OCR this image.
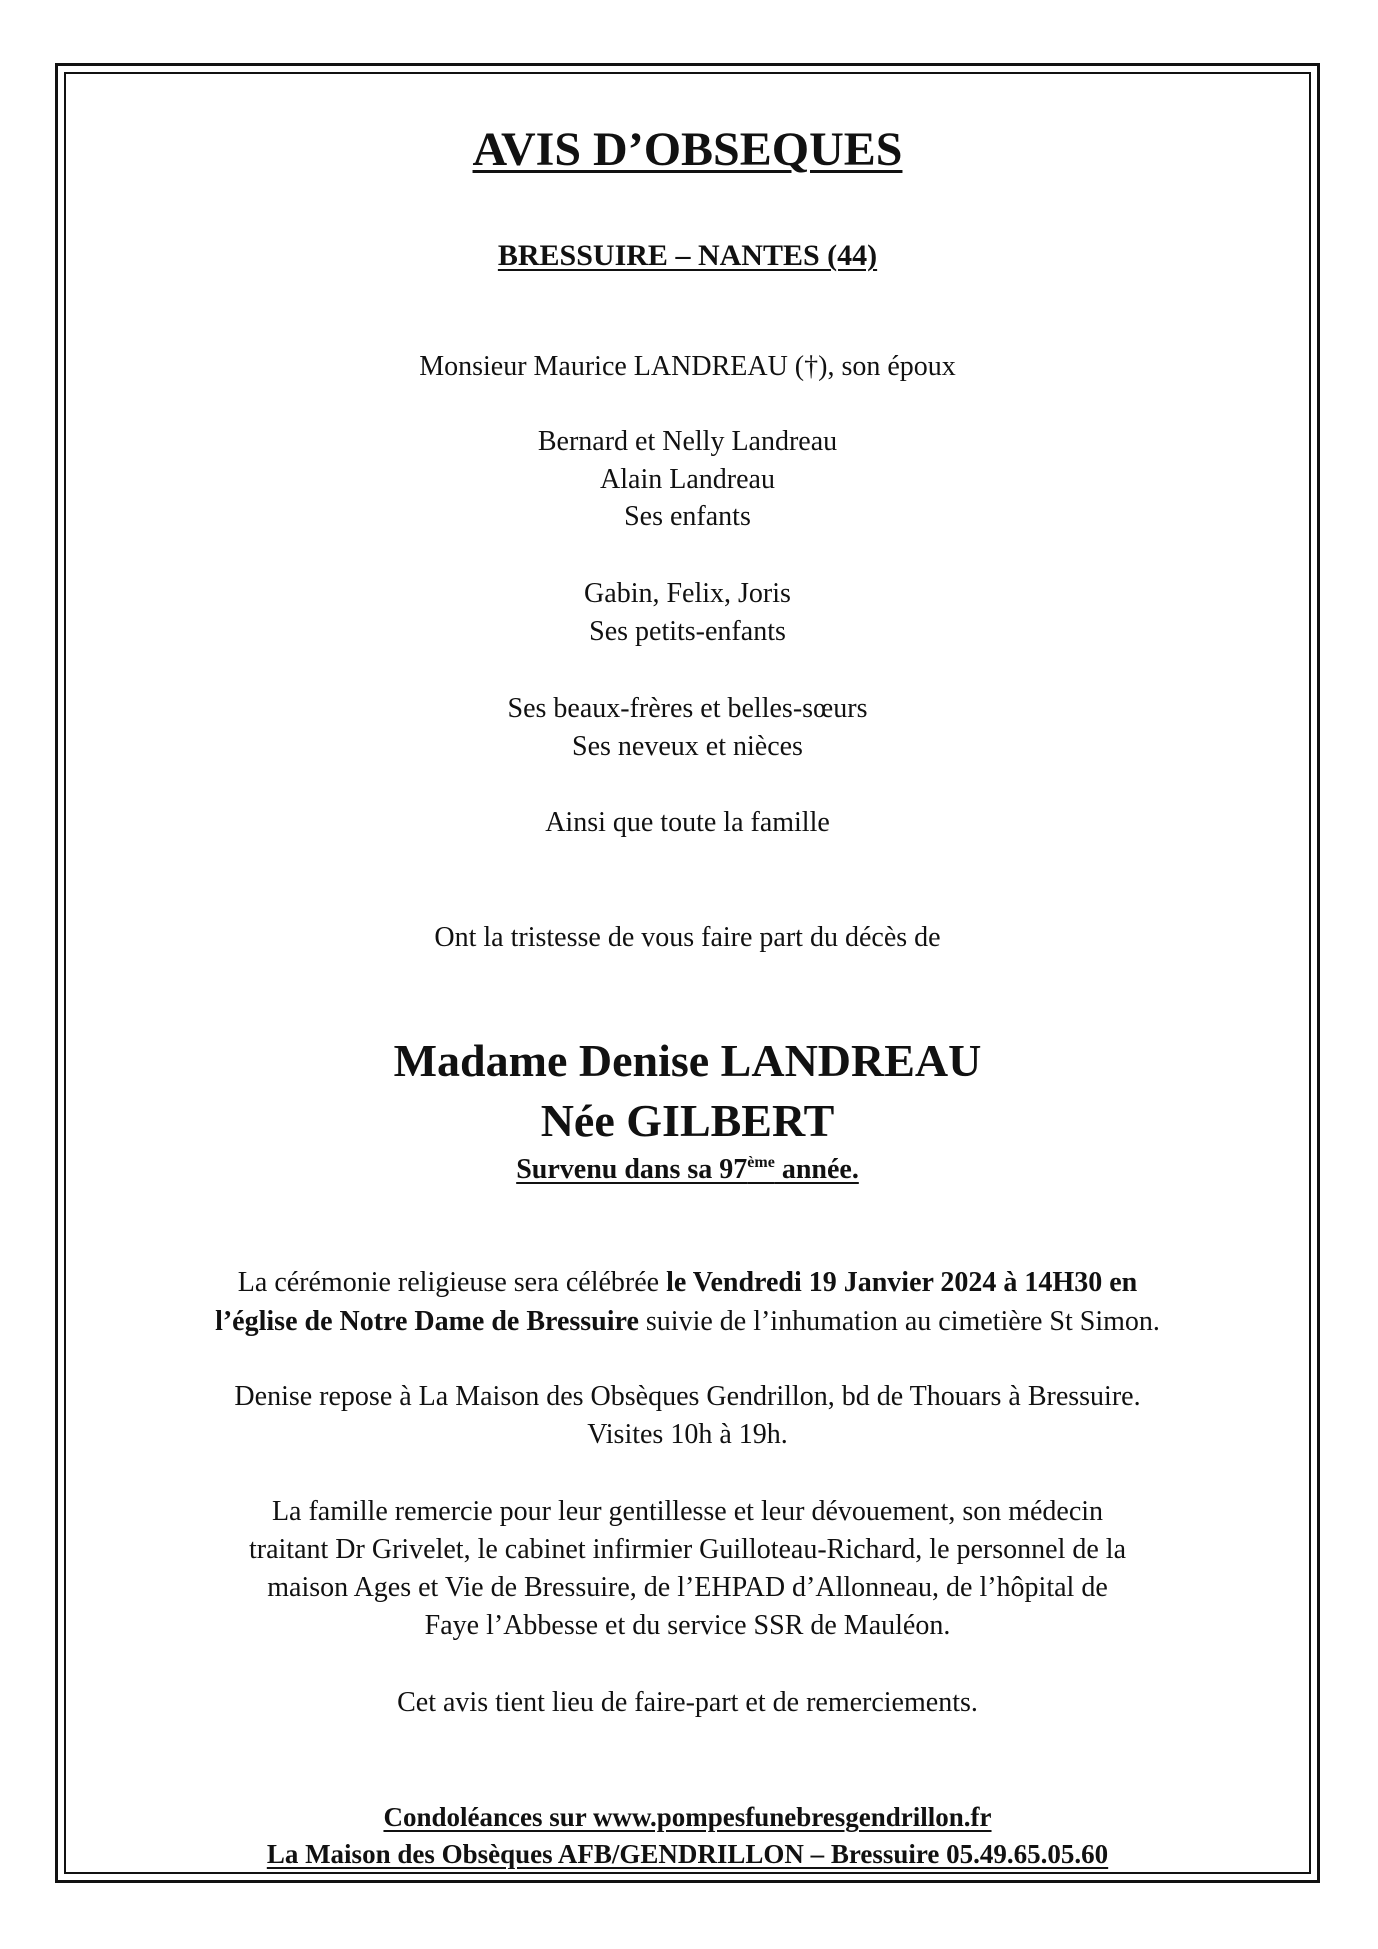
AVIS D’OBSEQUES
BRESSUIRE – NANTES (44)
Monsieur Maurice LANDREAU (†), son époux
Bernard et Nelly Landreau
Alain Landreau
Ses enfants
Gabin, Felix, Joris
Ses petits-enfants
Ses beaux-frères et belles-sœurs
Ses neveux et nièces
Ainsi que toute la famille
Ont la tristesse de vous faire part du décès de
Madame Denise LANDREAU
Née GILBERT
Survenu dans sa 97ème année.
La cérémonie religieuse sera célébrée le Vendredi 19 Janvier 2024 à 14H30 en
l’église de Notre Dame de Bressuire suivie de l’inhumation au cimetière St Simon.
Denise repose à La Maison des Obsèques Gendrillon, bd de Thouars à Bressuire.
Visites 10h à 19h.
La famille remercie pour leur gentillesse et leur dévouement, son médecin
traitant Dr Grivelet, le cabinet infirmier Guilloteau-Richard, le personnel de la
maison Ages et Vie de Bressuire, de l’EHPAD d’Allonneau, de l’hôpital de
Faye l’Abbesse et du service SSR de Mauléon.
Cet avis tient lieu de faire-part et de remerciements.
Condoléances sur www.pompesfunebresgendrillon.fr
La Maison des Obsèques AFB/GENDRILLON – Bressuire 05.49.65.05.60
